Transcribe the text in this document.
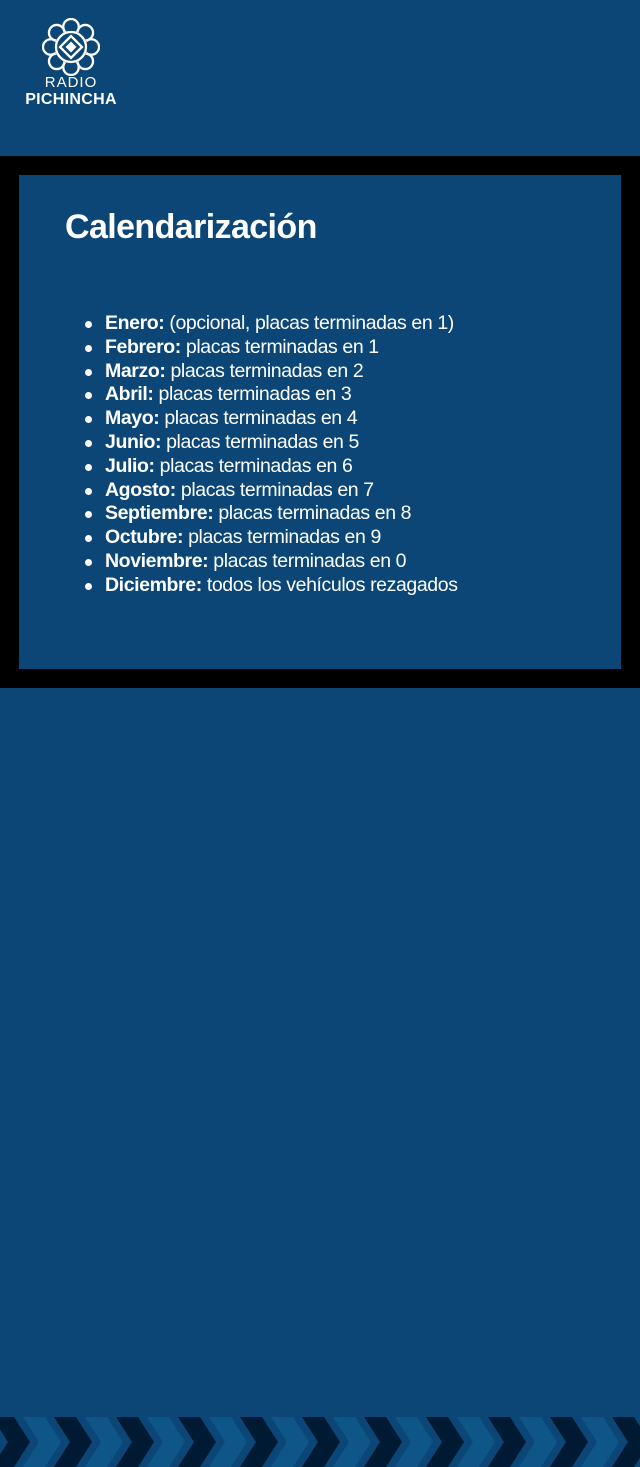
RADIO
PICHINCHA
Calendarización
Enero: (opcional, placas terminadas en 1)
Febrero: placas terminadas en 1
Marzo: placas terminadas en 2
Abril: placas terminadas en 3
Mayo: placas terminadas en 4
Junio: placas terminadas en 5
Julio: placas terminadas en 6
Agosto: placas terminadas en 7
Septiembre: placas terminadas en 8
Octubre: placas terminadas en 9
Noviembre: placas terminadas en 0
Diciembre: todos los vehículos rezagados
